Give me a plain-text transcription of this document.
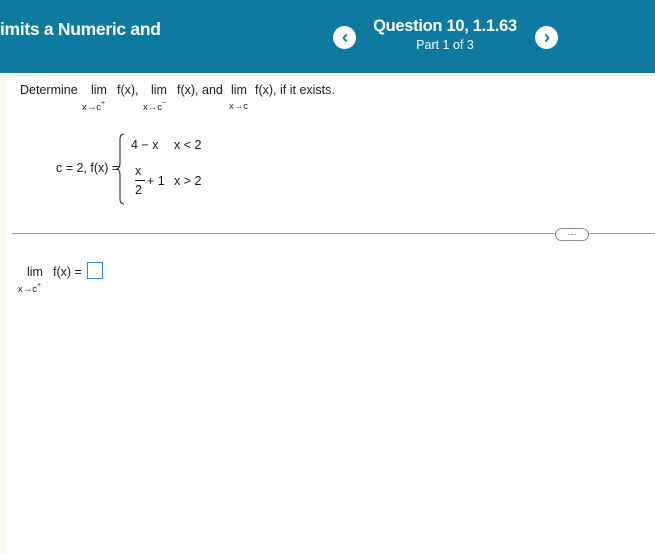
imits a Numeric and	Question 10, 1.1.63
Part 1 of 3
Determine lim f(x), lim f(x), and lim f(x), if it exists.
x→c+	x→c−	x→c
c = 2, f(x) =
4 − x x < 2
x
2
+ 1 x > 2
···
lim f(x) =
x→c+
